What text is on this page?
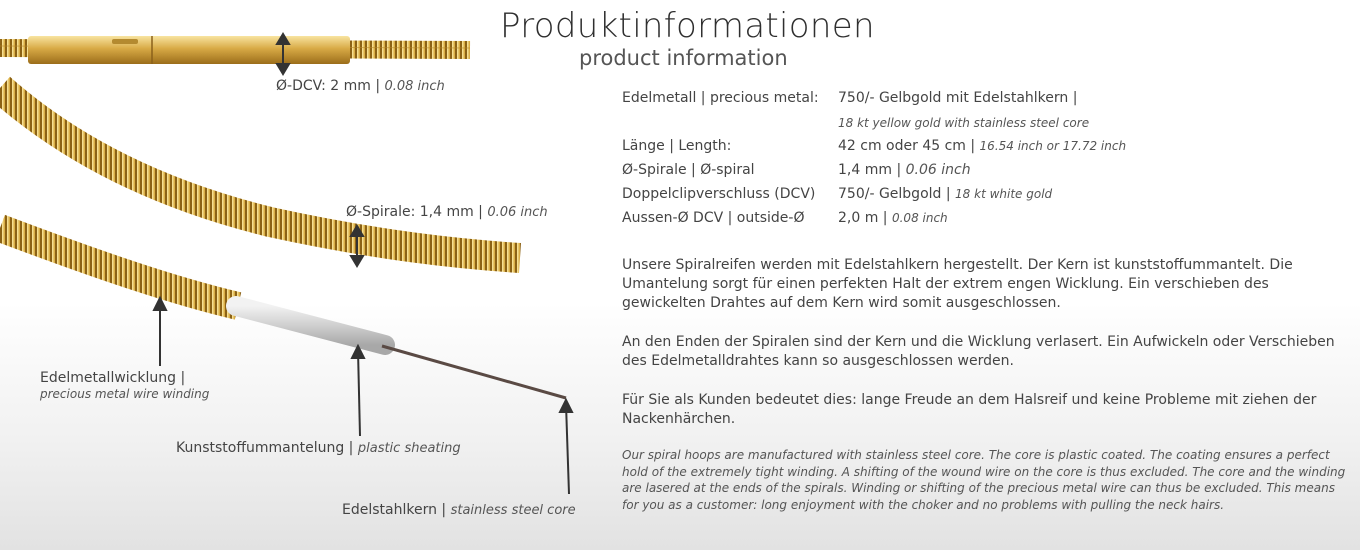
Produktinformationen
product information
Ø-DCV: 2 mm | 0.08 inch
Ø-Spirale: 1,4 mm | 0.06 inch
Edelmetallwicklung |
precious metal wire winding
Kunststoffummantelung | plastic sheating
Edelstahlkern | stainless steel core
Edelmetall | precious metal: 750/- Gelbgold mit Edelstahlkern |
18 kt yellow gold with stainless steel core
Länge | Length:	42 cm oder 45 cm | 16.54 inch or 17.72 inch
Ø-Spirale | Ø-spiral	1,4 mm | 0.06 inch
Doppelclipverschluss (DCV) 750/- Gelbgold | 18 kt white gold
Aussen-Ø DCV | outside-Ø 2,0 m | 0.08 inch

Unsere Spiralreifen werden mit Edelstahlkern hergestellt. Der Kern ist kunststoffummantelt. Die Umantelung sorgt für einen perfekten Halt der extrem engen Wicklung. Ein verschieben des gewickelten Drahtes auf dem Kern wird somit ausgeschlossen.

An den Enden der Spiralen sind der Kern und die Wicklung verlasert. Ein Aufwickeln oder Verschieben des Edelmetalldrahtes kann so ausgeschlossen werden.

Für Sie als Kunden bedeutet dies: lange Freude an dem Halsreif und keine Probleme mit ziehen der Nackenhärchen.

Our spiral hoops are manufactured with stainless steel core. The core is plastic coated. The coating ensures a perfect hold of the extremely tight winding. A shifting of the wound wire on the core is thus excluded. The core and the winding are lasered at the ends of the spirals. Winding or shifting of the precious metal wire can thus be excluded. This means for you as a customer: long enjoyment with the choker and no problems with pulling the neck hairs.
